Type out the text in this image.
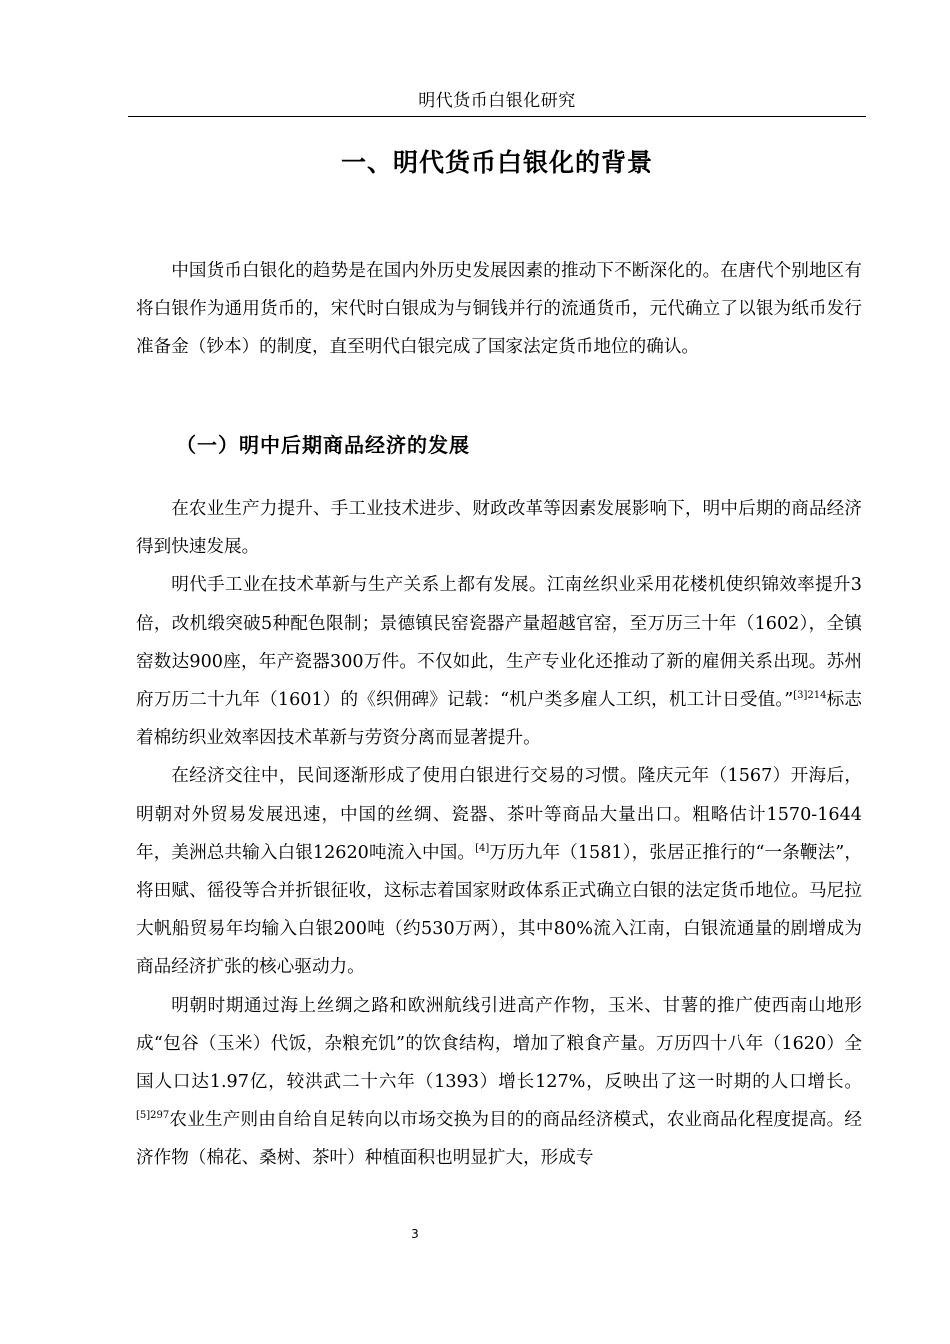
明代货币白银化研究
一、明代货币白银化的背景

中国货币白银化的趋势是在国内外历史发展因素的推动下不断深化的。在唐代个别地区有将白银作为通用货币的，宋代时白银成为与铜钱并行的流通货币，元代确立了以银为纸币发行准备金（钞本）的制度，直至明代白银完成了国家法定货币地位的确认。

（一）明中后期商品经济的发展

在农业生产力提升、手工业技术进步、财政改革等因素发展影响下，明中后期的商品经济得到快速发展。

明代手工业在技术革新与生产关系上都有发展。江南丝织业采用花楼机使织锦效率提升3倍，改机缎突破5种配色限制；景德镇民窑瓷器产量超越官窑，至万历三十年（1602），全镇窑数达900座，年产瓷器300万件。不仅如此，生产专业化还推动了新的雇佣关系出现。苏州府万历二十九年（1601）的《织佣碑》记载：“机户类多雇人工织，机工计日受值。”$^{[3]214}$标志着棉纺织业效率因技术革新与劳资分离而显著提升。

在经济交往中，民间逐渐形成了使用白银进行交易的习惯。隆庆元年（1567）开海后，明朝对外贸易发展迅速，中国的丝绸、瓷器、茶叶等商品大量出口。粗略估计1570-1644年，美洲总共输入白银12620吨流入中国。[4]万历九年（1581），张居正推行的“一条鞭法”，将田赋、徭役等合并折银征收，这标志着国家财政体系正式确立白银的法定货币地位。马尼拉大帆船贸易年均输入白银200吨（约530万两），其中80%流入江南，白银流通量的剧增成为商品经济扩张的核心驱动力。

明朝时期通过海上丝绸之路和欧洲航线引进高产作物，玉米、甘薯的推广使西南山地形成“包谷（玉米）代饭，杂粮充饥”的饮食结构，增加了粮食产量。万历四十八年（1620）全国人口达1.97亿，较洪武二十六年（1393）增长127%，反映出了这一时期的人口增长。$^{[5]297}$农业生产则由自给自足转向以市场交换为目的的商品经济模式，农业商品化程度提高。经济作物（棉花、桑树、茶叶）种植面积也明显扩大，形成专

3
